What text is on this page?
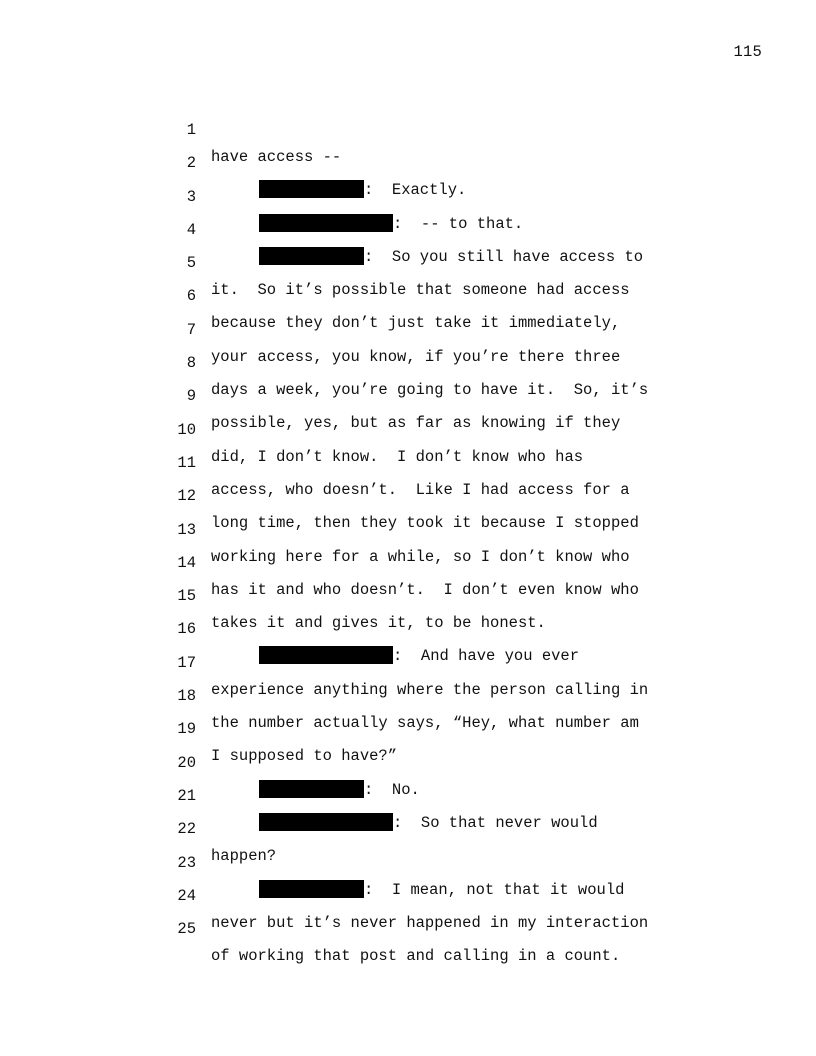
115

1

have access --

2

:  Exactly.

3

:  -- to that.

4

:  So you still have access to

5

it.  So it’s possible that someone had access

6

because they don’t just take it immediately,

7

your access, you know, if you’re there three

8

days a week, you’re going to have it.  So, it’s

9

possible, yes, but as far as knowing if they

10

did, I don’t know.  I don’t know who has

11

access, who doesn’t.  Like I had access for a

12

long time, then they took it because I stopped

13

working here for a while, so I don’t know who

14

has it and who doesn’t.  I don’t even know who

15

takes it and gives it, to be honest.

16

:  And have you ever

17

experience anything where the person calling in

18

the number actually says, “Hey, what number am

19

I supposed to have?”

20

:  No.

21

:  So that never would

22

happen?

23

:  I mean, not that it would

24

never but it’s never happened in my interaction

25

of working that post and calling in a count.
